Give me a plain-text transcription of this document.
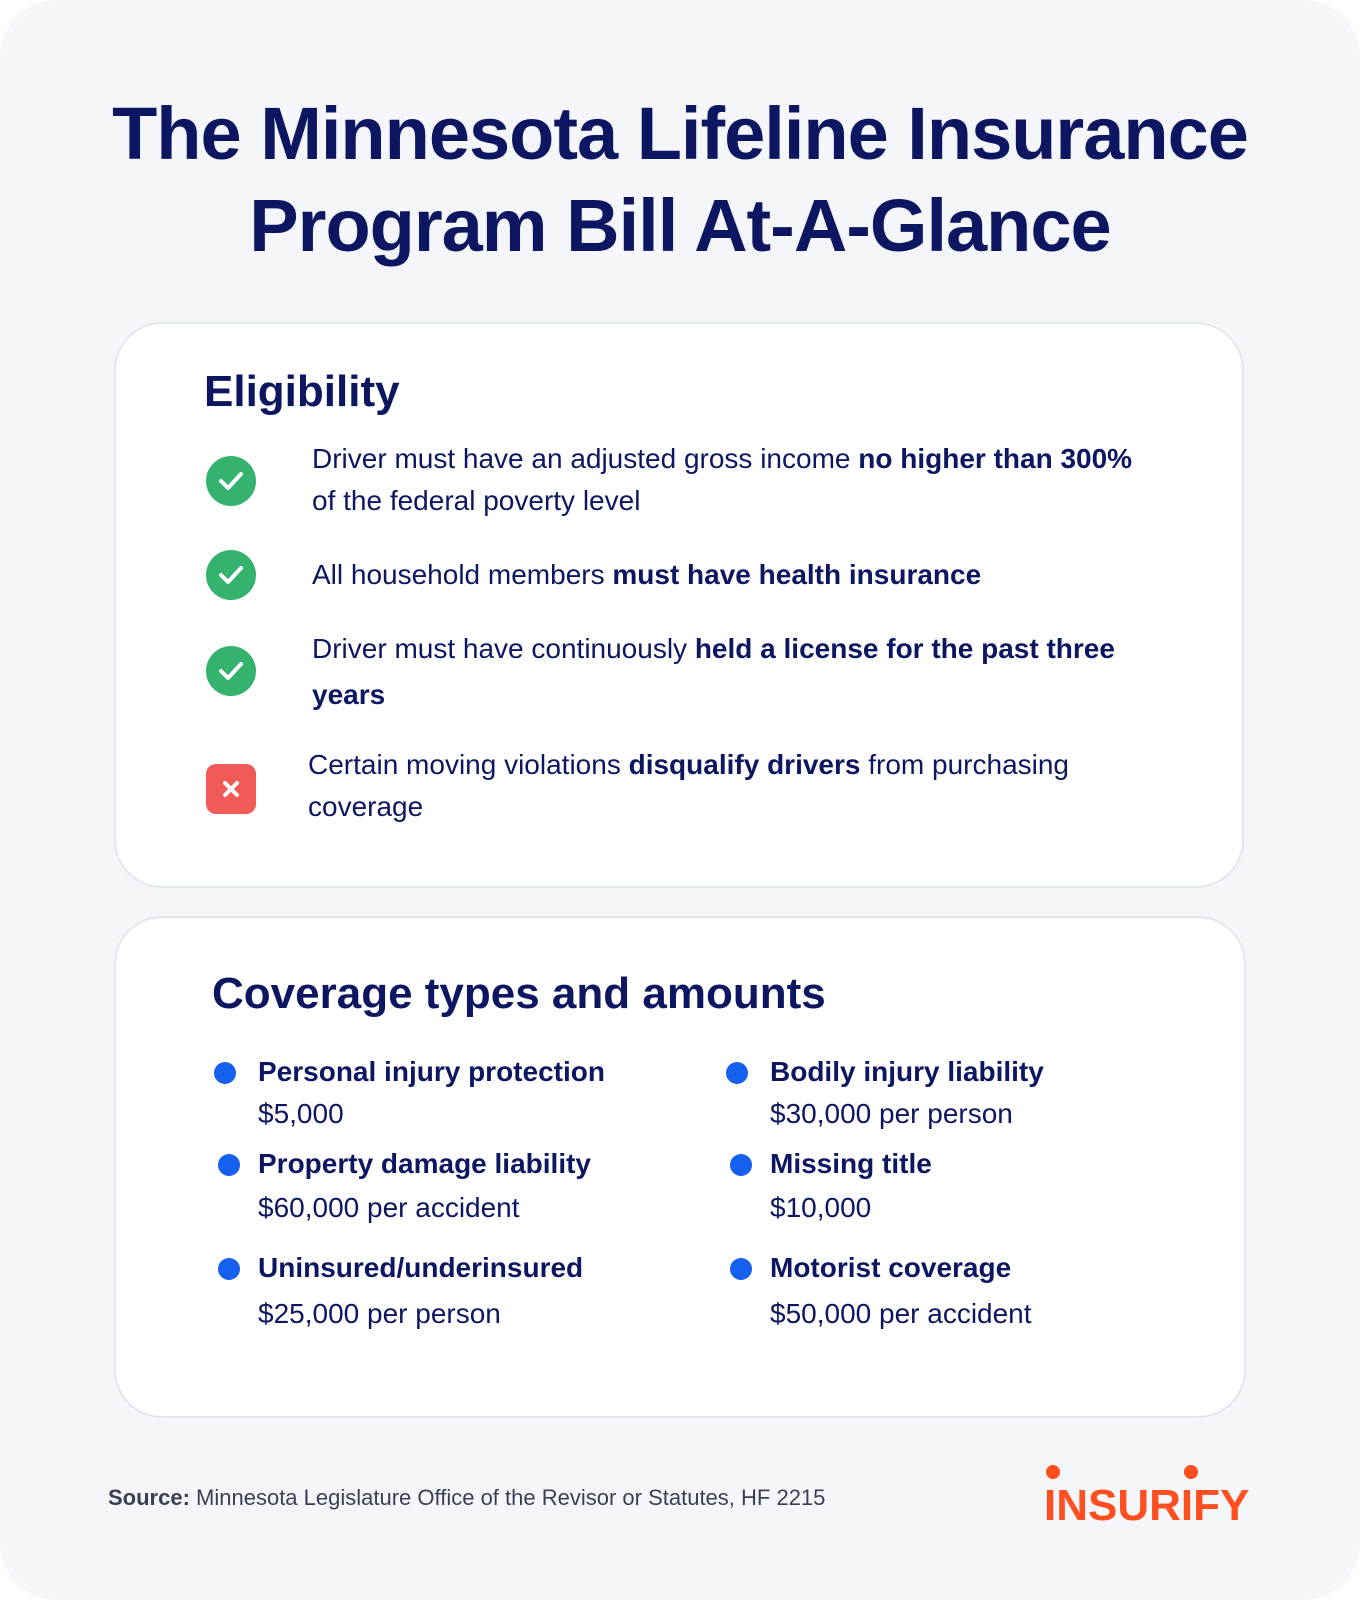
The Minnesota Lifeline Insurance
Program Bill At-A-Glance
Eligibility
Driver must have an adjusted gross income no higher than 300% of the federal poverty level
All household members must have health insurance
Driver must have continuously held a license for the past three years
Certain moving violations disqualify drivers from purchasing coverage
Coverage types and amounts
Personal injury protection
$5,000
Property damage liability
$60,000 per accident
Uninsured/underinsured
$25,000 per person
Bodily injury liability
$30,000 per person
Missing title
$10,000
Motorist coverage
$50,000 per accident
Source: Minnesota Legislature Office of the Revisor or Statutes, HF 2215	INSURIFY
